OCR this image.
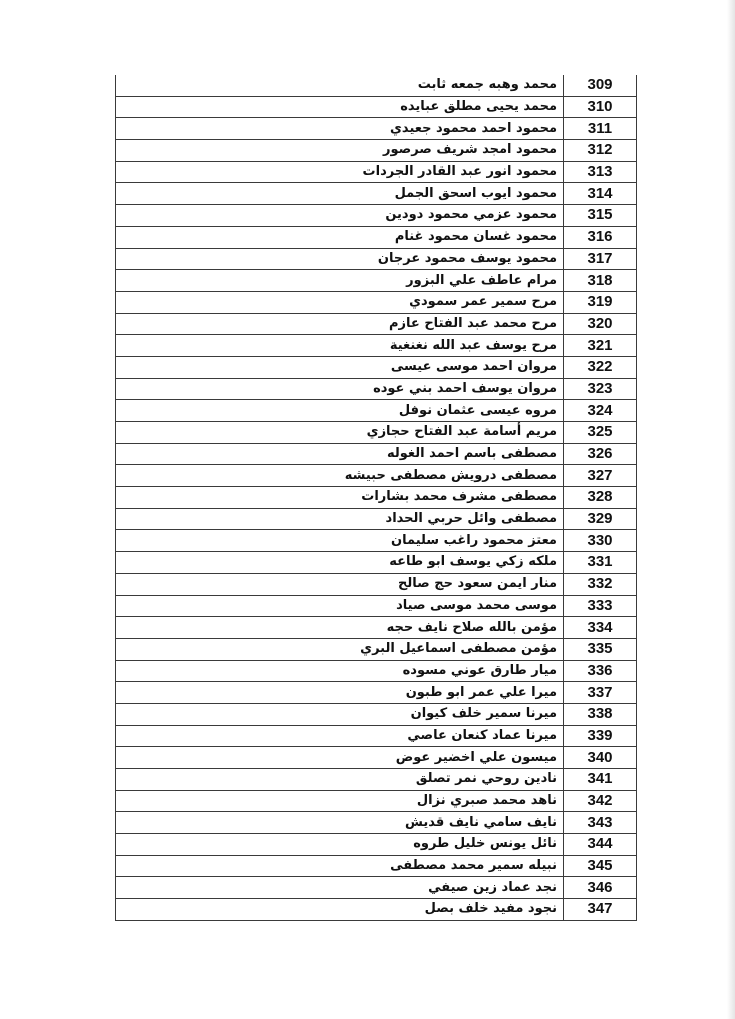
309	محمد وهبه جمعه ثابت
310	محمد يحيى مطلق عبايده
311	محمود احمد محمود جعيدي
312	محمود امجد شريف صرصور
313	محمود انور عبد القادر الجردات
314	محمود ايوب اسحق الجمل
315	محمود عزمي محمود دودين
316	محمود غسان محمود غنام
317	محمود يوسف محمود عرجان
318	مرام عاطف علي البزور
319	مرح سمير عمر سمودي
320	مرح محمد عبد الفتاح عازم
321	مرح يوسف عبد الله نغنغية
322	مروان احمد موسى عيسى
323	مروان يوسف احمد بني عوده
324	مروه عيسى عثمان نوفل
325	مريم أسامة عبد الفتاح حجازي
326	مصطفى باسم احمد الغوله
327	مصطفى درويش مصطفى حبيشه
328	مصطفى مشرف محمد بشارات
329	مصطفى وائل حربي الحداد
330	معتز محمود راغب سليمان
331	ملكه زكي يوسف ابو طاعه
332	منار ايمن سعود حج صالح
333	موسى محمد موسى صياد
334	مؤمن بالله صلاح نايف حجه
335	مؤمن مصطفى اسماعيل البري
336	ميار طارق عوني مسوده
337	ميرا علي عمر ابو طبون
338	ميرنا سمير خلف كيوان
339	ميرنا عماد كنعان عاصي
340	ميسون علي اخضير عوض
341	نادين روحي نمر تصلق
342	ناهد محمد صبري نزال
343	نايف سامي نايف قديش
344	نائل يونس خليل طروه
345	نبيله سمير محمد مصطفى
346	نجد عماد زين صيفي
347	نجود مفيد خلف بصل
